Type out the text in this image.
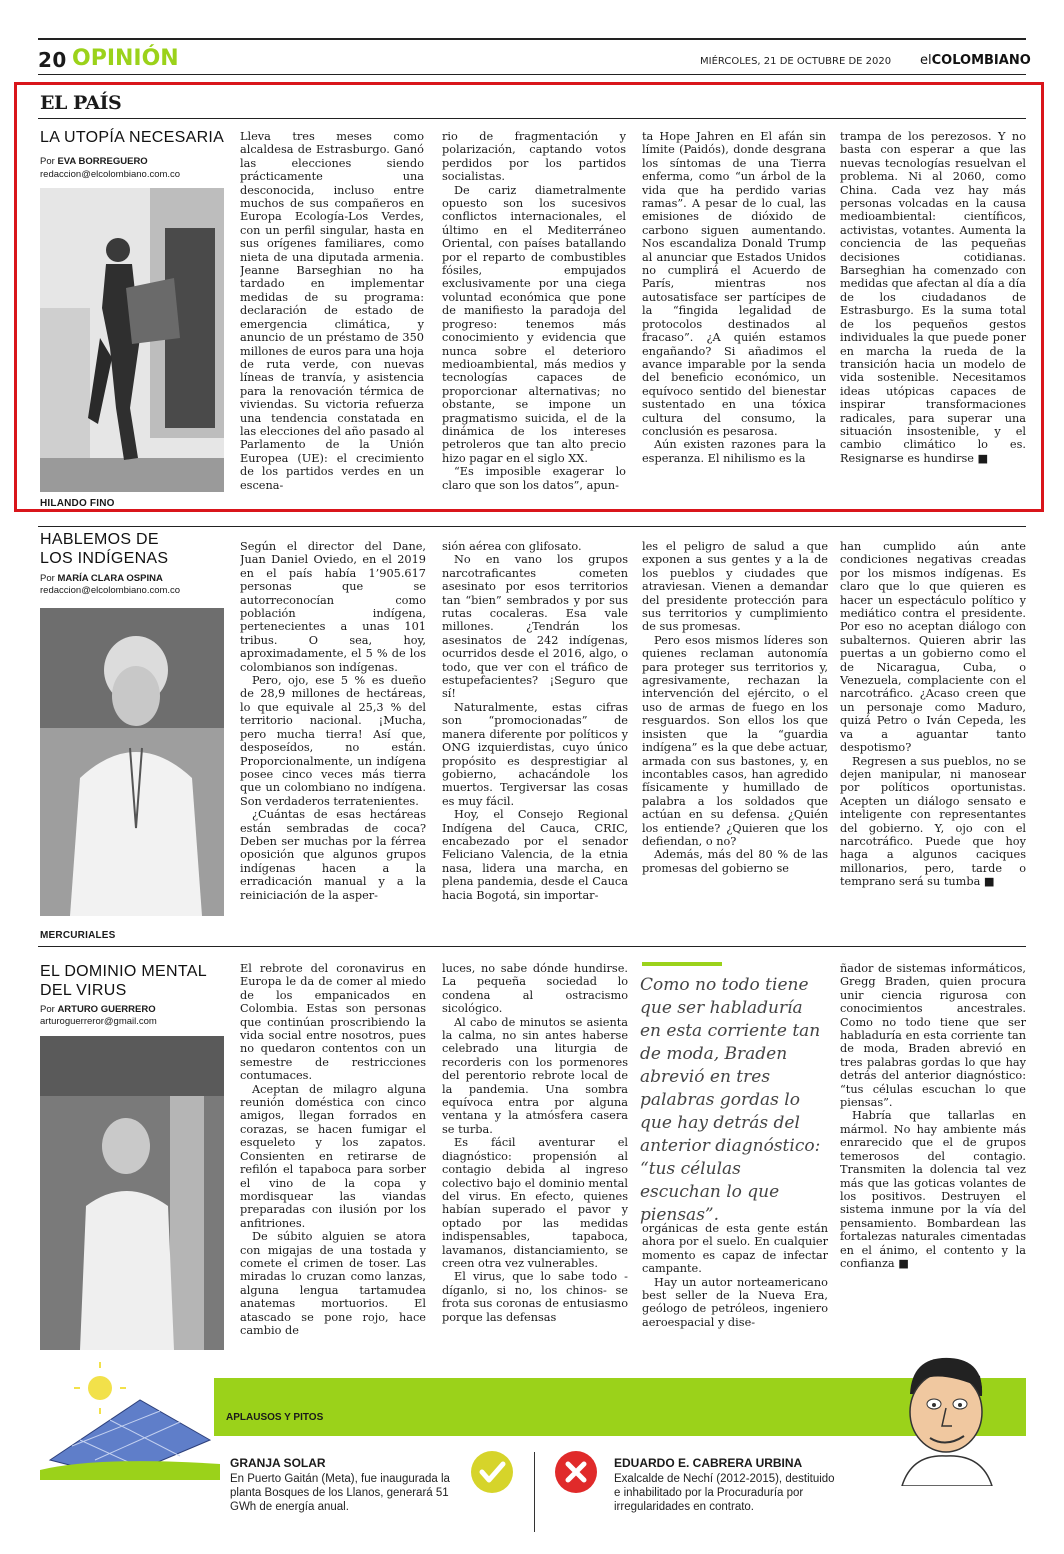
20 OPINIÓN	MIÉRCOLES, 21 DE OCTUBRE DE 2020 elCOLOMBIANO
EL PAÍS
LA UTOPÍA NECESARIA
Por EVA BORREGUERO
redaccion@elcolombiano.com.co
HILANDO FINO

Lleva tres meses como alcaldesa de Estrasburgo. Ganó las elecciones siendo prácticamente una desconocida, incluso entre muchos de sus compañeros en Europa Ecología-Los Verdes, con un perfil singular, hasta en sus orígenes familiares, como nieta de una diputada armenia. Jeanne Barseghian no ha tardado en implementar medidas de su programa: declaración de estado de emergencia climática, y anuncio de un préstamo de 350 millones de euros para una hoja de ruta verde, con nuevas líneas de tranvía, y asistencia para la renovación térmica de viviendas. Su victoria refuerza una tendencia constatada en las elecciones del año pasado al Parlamento de la Unión Europea (UE): el crecimiento de los partidos verdes en un escena-

rio de fragmentación y polarización, captando votos perdidos por los partidos socialistas.

De cariz diametralmente opuesto son los sucesivos conflictos internacionales, el último en el Mediterráneo Oriental, con países batallando por el reparto de combustibles fósiles, empujados exclusivamente por una ciega voluntad económica que pone de manifiesto la paradoja del progreso: tenemos más conocimiento y evidencia que nunca sobre el deterioro medioambiental, más medios y tecnologías capaces de proporcionar alternativas; no obstante, se impone un pragmatismo suicida, el de la dinámica de los intereses petroleros que tan alto precio hizo pagar en el siglo XX.

“Es imposible exagerar lo claro que son los datos”, apun-

ta Hope Jahren en El afán sin límite (Paidós), donde desgrana los síntomas de una Tierra enferma, como “un árbol de la vida que ha perdido varias ramas”. A pesar de lo cual, las emisiones de dióxido de carbono siguen aumentando. Nos escandaliza Donald Trump al anunciar que Estados Unidos no cumplirá el Acuerdo de París, mientras nos autosatisface ser partícipes de la “fingida legalidad de protocolos destinados al fracaso”. ¿A quién estamos engañando? Si añadimos el avance imparable por la senda del beneficio económico, un equívoco sentido del bienestar sustentado en una tóxica cultura del consumo, la conclusión es pesarosa.

Aún existen razones para la esperanza. El nihilismo es la

trampa de los perezosos. Y no basta con esperar a que las nuevas tecnologías resuelvan el problema. Ni al 2060, como China. Cada vez hay más personas volcadas en la causa medioambiental: científicos, activistas, votantes. Aumenta la conciencia de las pequeñas decisiones cotidianas. Barseghian ha comenzado con medidas que afectan al día a día de los ciudadanos de Estrasburgo. Es la suma total de los pequeños gestos individuales la que puede poner en marcha la rueda de la transición hacia un modelo de vida sostenible. Necesitamos ideas utópicas capaces de inspirar transformaciones radicales, para superar una situación insostenible, y el cambio climático lo es. Resignarse es hundirse ■

HABLEMOS DE
LOS INDÍGENAS
Por MARÍA CLARA OSPINA
redaccion@elcolombiano.com.co
MERCURIALES

Según el director del Dane, Juan Daniel Oviedo, en el 2019 en el país había 1’905.617 personas que se autorreconocían como población indígena, pertenecientes a unas 101 tribus. O sea, hoy, aproximadamente, el 5 % de los colombianos son indígenas.

Pero, ojo, ese 5 % es dueño de 28,9 millones de hectáreas, lo que equivale al 25,3 % del territorio nacional. ¡Mucha, pero mucha tierra! Así que, desposeídos, no están. Proporcionalmente, un indígena posee cinco veces más tierra que un colombiano no indígena. Son verdaderos terratenientes.

¿Cuántas de esas hectáreas están sembradas de coca? Deben ser muchas por la férrea oposición que algunos grupos indígenas hacen a la erradicación manual y a la reiniciación de la asper-

sión aérea con glifosato.

No en vano los grupos narcotraficantes cometen asesinato por esos territorios tan “bien” sembrados y por sus rutas cocaleras. Esa vale millones. ¿Tendrán los asesinatos de 242 indígenas, ocurridos desde el 2016, algo, o todo, que ver con el tráfico de estupefacientes? ¡Seguro que sí!

Naturalmente, estas cifras son “promocionadas” de manera diferente por políticos y ONG izquierdistas, cuyo único propósito es desprestigiar al gobierno, achacándole los muertos. Tergiversar las cosas es muy fácil.

Hoy, el Consejo Regional Indígena del Cauca, CRIC, encabezado por el senador Feliciano Valencia, de la etnia nasa, lidera una marcha, en plena pandemia, desde el Cauca hacia Bogotá, sin importar-

les el peligro de salud a que exponen a sus gentes y a la de los pueblos y ciudades que atraviesan. Vienen a demandar del presidente protección para sus territorios y cumplimiento de sus promesas.

Pero esos mismos líderes son quienes reclaman autonomía para proteger sus territorios y, agresivamente, rechazan la intervención del ejército, o el uso de armas de fuego en los resguardos. Son ellos los que insisten que la “guardia indígena” es la que debe actuar, armada con sus bastones, y, en incontables casos, han agredido físicamente y humillado de palabra a los soldados que actúan en su defensa. ¿Quién los entiende? ¿Quieren que los defiendan, o no?

Además, más del 80 % de las promesas del gobierno se

han cumplido aún ante condiciones negativas creadas por los mismos indígenas. Es claro que lo que quieren es hacer un espectáculo político y mediático contra el presidente. Por eso no aceptan diálogo con subalternos. Quieren abrir las puertas a un gobierno como el de Nicaragua, Cuba, o Venezuela, complaciente con el narcotráfico. ¿Acaso creen que un personaje como Maduro, quizá Petro o Iván Cepeda, les va a aguantar tanto despotismo?

Regresen a sus pueblos, no se dejen manipular, ni manosear por políticos oportunistas. Acepten un diálogo sensato e inteligente con representantes del gobierno. Y, ojo con el narcotráfico. Puede que hoy haga a algunos caciques millonarios, pero, tarde o temprano será su tumba ■

EL DOMINIO MENTAL
DEL VIRUS
Por ARTURO GUERRERO
arturoguerreror@gmail.com

El rebrote del coronavirus en Europa le da de comer al miedo de los empanicados en Colombia. Estas son personas que continúan proscribiendo la vida social entre nosotros, pues no quedaron contentos con un semestre de restricciones contumaces.

Aceptan de milagro alguna reunión doméstica con cinco amigos, llegan forrados en corazas, se hacen fumigar el esqueleto y los zapatos. Consienten en retirarse de refilón el tapaboca para sorber el vino de la copa y mordisquear las viandas preparadas con ilusión por los anfitriones.

De súbito alguien se atora con migajas de una tostada y comete el crimen de toser. Las miradas lo cruzan como lanzas, alguna lengua tartamudea anatemas mortuorios. El atascado se pone rojo, hace cambio de

luces, no sabe dónde hundirse. La pequeña sociedad lo condena al ostracismo sicológico.

Al cabo de minutos se asienta la calma, no sin antes haberse celebrado una liturgia de recorderis con los pormenores del perentorio rebrote local de la pandemia. Una sombra equívoca entra por alguna ventana y la atmósfera casera se turba.

Es fácil aventurar el diagnóstico: propensión al contagio debida al ingreso colectivo bajo el dominio mental del virus. En efecto, quienes habían superado el pavor y optado por las medidas indispensables, tapaboca, lavamanos, distanciamiento, se creen otra vez vulnerables.

El virus, que lo sabe todo -díganlo, si no, los chinos- se frota sus coronas de entusiasmo porque las defensas

Como no todo tiene que ser habladuría en esta corriente tan de moda, Braden abrevió en tres palabras gordas lo que hay detrás del anterior diagnóstico: “tus células escuchan lo que piensas”.

orgánicas de esta gente están ahora por el suelo. En cualquier momento es capaz de infectar campante.

Hay un autor norteamericano best seller de la Nueva Era, geólogo de petróleos, ingeniero aeroespacial y dise-

ñador de sistemas informáticos, Gregg Braden, quien procura unir ciencia rigurosa con conocimientos ancestrales. Como no todo tiene que ser habladuría en esta corriente tan de moda, Braden abrevió en tres palabras gordas lo que hay detrás del anterior diagnóstico: “tus células escuchan lo que piensas”.

Habría que tallarlas en mármol. No hay ambiente más enrarecido que el de grupos temerosos del contagio. Transmiten la dolencia tal vez más que las goticas volantes de los positivos. Destruyen el sistema inmune por la vía del pensamiento. Bombardean las fortalezas naturales cimentadas en el ánimo, el contento y la confianza ■

APLAUSOS Y PITOS
GRANJA SOLAR
En Puerto Gaitán (Meta), fue inaugurada la planta Bosques de los Llanos, generará 51 GWh de energía anual.
EDUARDO E. CABRERA URBINA
Exalcalde de Nechí (2012-2015), destituido e inhabilitado por la Procuraduría por irregularidades en contrato.
